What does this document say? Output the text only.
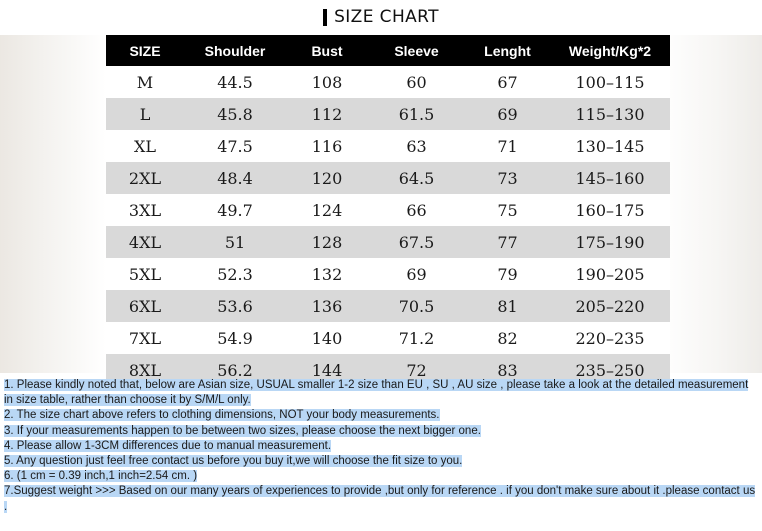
SIZE CHART
SIZE	Shoulder	Bust	Sleeve	Lenght	Weight/Kg*2
M	44.5	108	60	67	100–115
L	45.8	112	61.5	69	115–130
XL	47.5	116	63	71	130–145
2XL	48.4	120	64.5	73	145–160
3XL	49.7	124	66	75	160–175
4XL	51	128	67.5	77	175–190
5XL	52.3	132	69	79	190–205
6XL	53.6	136	70.5	81	205–220
7XL	54.9	140	71.2	82	220–235
8XL	56.2	144	72	83	235–250

1. Please kindly noted that, below are Asian size, USUAL smaller 1-2 size than EU , SU , AU size , please take a look at the detailed measurement in size table, rather than choose it by S/M/L only.

2. The size chart above refers to clothing dimensions, NOT your body measurements.

3. If your measurements happen to be between two sizes, please choose the next bigger one.

4. Please allow 1-3CM differences due to manual measurement.

5. Any question just feel free contact us before you buy it,we will choose the fit size to you.

6. (1 cm = 0.39 inch,1 inch=2.54 cm. )

7.Suggest weight >>> Based on our many years of experiences to provide ,but only for reference . if you don't make sure about it .please contact us .
